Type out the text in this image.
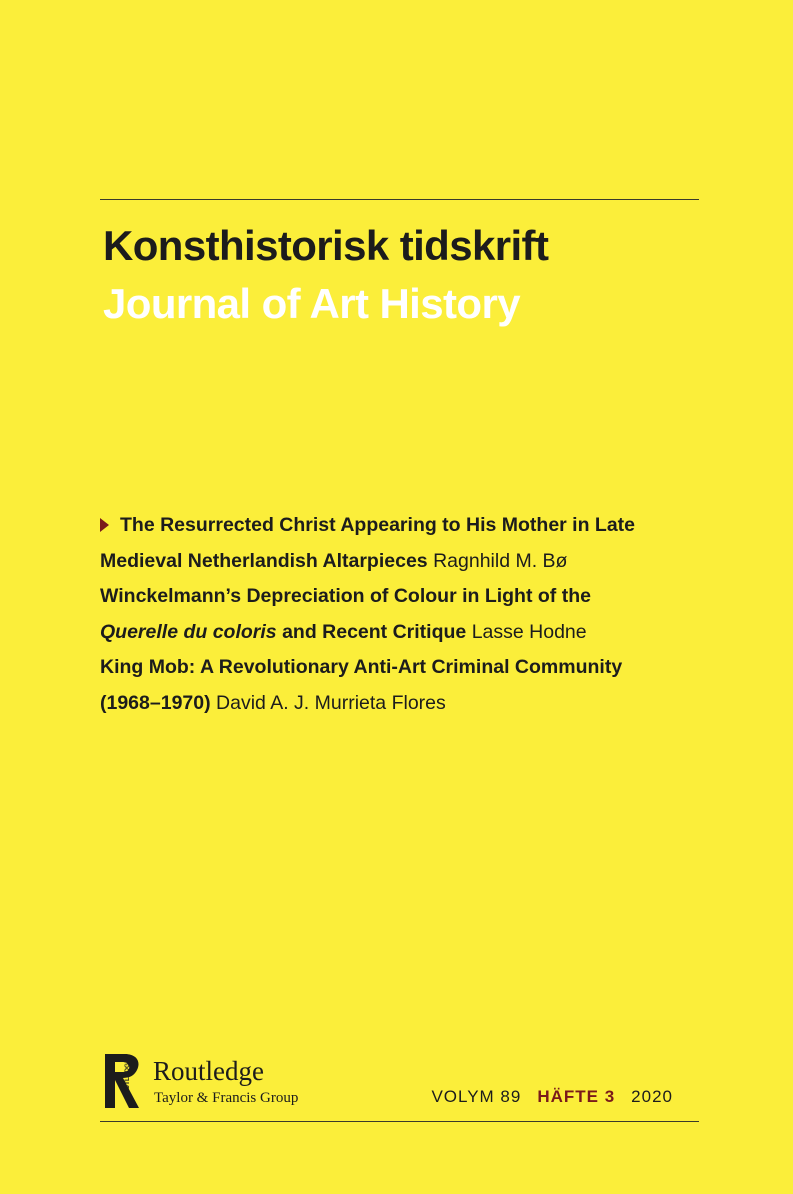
Konsthistorisk tidskrift
Journal of Art History
The Resurrected Christ Appearing to His Mother in Late
Medieval Netherlandish Altarpieces Ragnhild M. Bø
Winckelmann’s Depreciation of Colour in Light of the
Querelle du coloris and Recent Critique Lasse Hodne
King Mob: A Revolutionary Anti-Art Criminal Community
(1968–1970) David A. J. Murrieta Flores
ROUTLEDGE Routledge
Taylor & Francis Group	VOLYM 89 HÄFTE 3 2020
